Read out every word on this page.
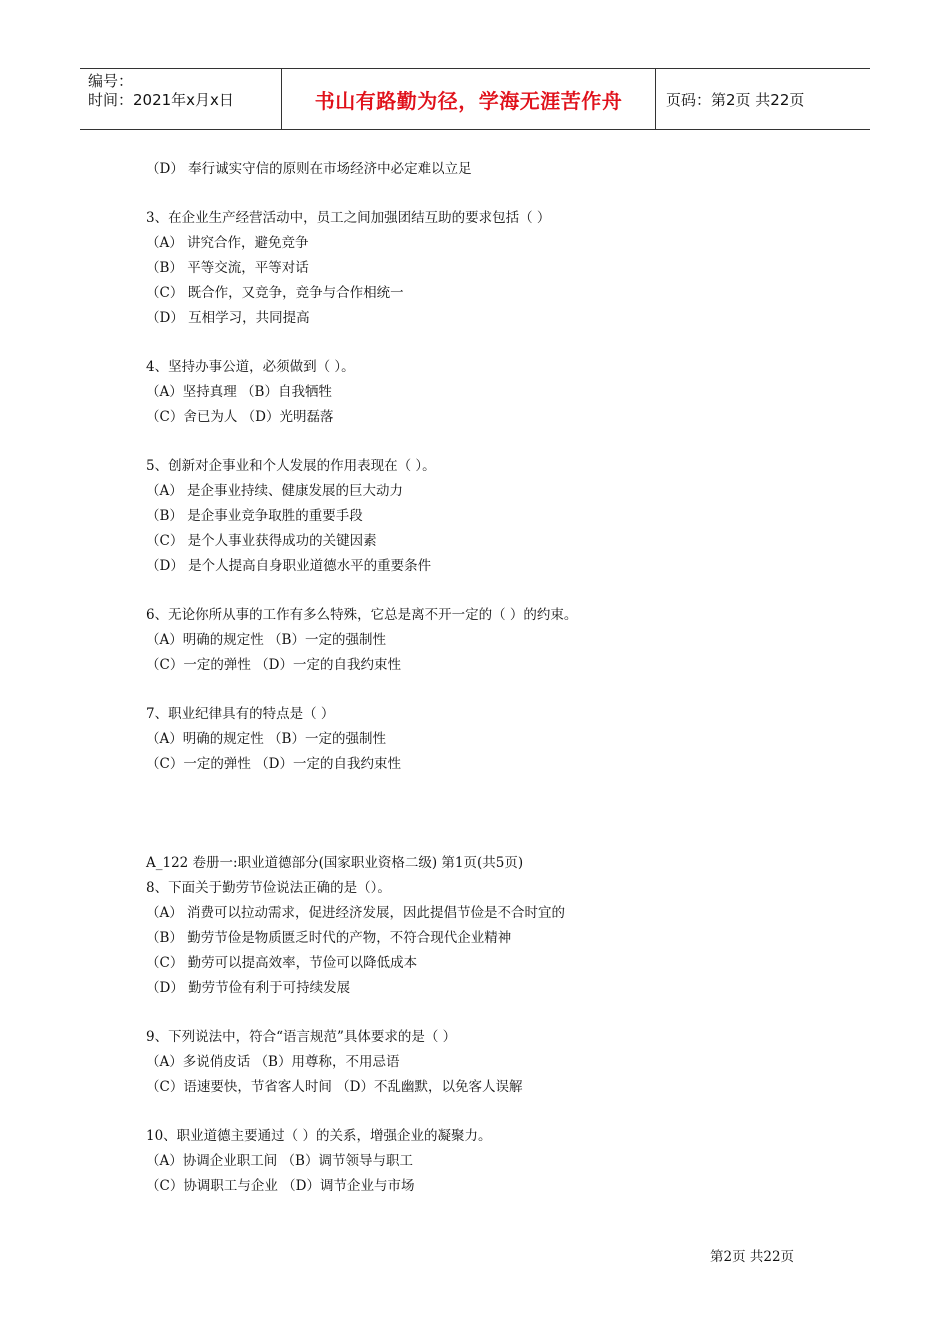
编号：
时间：2021年x月x日	书山有路勤为径，学海无涯苦作舟	页码：第2页 共22页
（D） 奉行诚实守信的原则在市场经济中必定难以立足
3、在企业生产经营活动中，员工之间加强团结互助的要求包括（ ）
（A） 讲究合作，避免竞争
（B） 平等交流，平等对话
（C） 既合作，又竞争，竞争与合作相统一
（D） 互相学习，共同提高
4、坚持办事公道，必须做到（ ）。
（A）坚持真理 （B）自我牺牲
（C）舍已为人 （D）光明磊落
5、创新对企事业和个人发展的作用表现在（ ）。
（A） 是企事业持续、健康发展的巨大动力
（B） 是企事业竞争取胜的重要手段
（C） 是个人事业获得成功的关键因素
（D） 是个人提高自身职业道德水平的重要条件
6、无论你所从事的工作有多么特殊，它总是离不开一定的（ ）的约束。
（A）明确的规定性 （B）一定的强制性
（C）一定的弹性 （D）一定的自我约束性
7、职业纪律具有的特点是（ ）
（A）明确的规定性 （B）一定的强制性
（C）一定的弹性 （D）一定的自我约束性
A_122 卷册一:职业道德部分(国家职业资格二级) 第1页(共5页)
8、下面关于勤劳节俭说法正确的是（）。
（A） 消费可以拉动需求，促进经济发展，因此提倡节俭是不合时宜的
（B） 勤劳节俭是物质匮乏时代的产物，不符合现代企业精神
（C） 勤劳可以提高效率，节俭可以降低成本
（D） 勤劳节俭有利于可持续发展
9、下列说法中，符合“语言规范”具体要求的是（ ）
（A）多说俏皮话 （B）用尊称，不用忌语
（C）语速要快，节省客人时间 （D）不乱幽默，以免客人误解
10、职业道德主要通过（ ）的关系，增强企业的凝聚力。
（A）协调企业职工间 （B）调节领导与职工
（C）协调职工与企业 （D）调节企业与市场
第2页 共22页
